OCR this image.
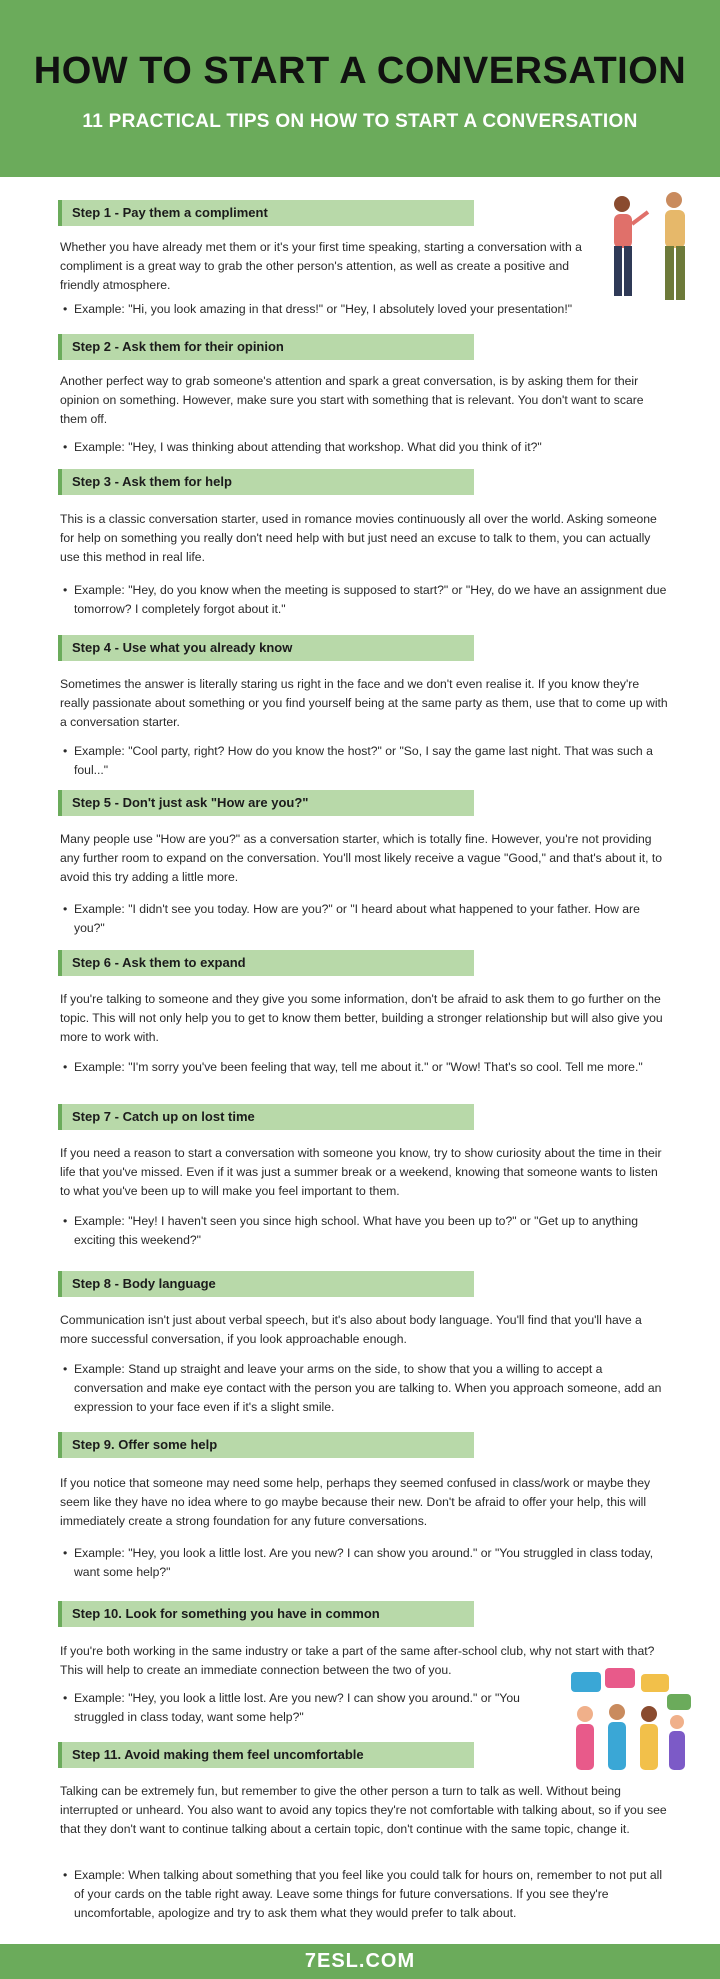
HOW TO START A CONVERSATION
11 PRACTICAL TIPS ON HOW TO START A CONVERSATION
Step 1 - Pay them a compliment

Whether you have already met them or it's your first time speaking, starting a conversation with a compliment is a great way to grab the other person's attention, as well as create a positive and friendly atmosphere.

• Example: "Hi, you look amazing in that dress!" or "Hey, I absolutely loved your presentation!"
Step 2 - Ask them for their opinion

Another perfect way to grab someone's attention and spark a great conversation, is by asking them for their opinion on something. However, make sure you start with something that is relevant. You don't want to scare them off.

• Example: "Hey, I was thinking about attending that workshop. What did you think of it?"
Step 3 - Ask them for help

This is a classic conversation starter, used in romance movies continuously all over the world. Asking someone for help on something you really don't need help with but just need an excuse to talk to them, you can actually use this method in real life.

• Example: "Hey, do you know when the meeting is supposed to start?" or "Hey, do we have an assignment due tomorrow? I completely forgot about it."
Step 4 - Use what you already know

Sometimes the answer is literally staring us right in the face and we don't even realise it. If you know they're really passionate about something or you find yourself being at the same party as them, use that to come up with a conversation starter.

• Example: "Cool party, right? How do you know the host?" or "So, I say the game last night. That was such a foul..."
Step 5 - Don't just ask "How are you?"

Many people use "How are you?" as a conversation starter, which is totally fine. However, you're not providing any further room to expand on the conversation. You'll most likely receive a vague "Good," and that's about it, to avoid this try adding a little more.

• Example: "I didn't see you today. How are you?" or "I heard about what happened to your father. How are you?"
Step 6 - Ask them to expand

If you're talking to someone and they give you some information, don't be afraid to ask them to go further on the topic. This will not only help you to get to know them better, building a stronger relationship but will also give you more to work with.

• Example: "I'm sorry you've been feeling that way, tell me about it." or "Wow! That's so cool. Tell me more."
Step 7 - Catch up on lost time

If you need a reason to start a conversation with someone you know, try to show curiosity about the time in their life that you've missed. Even if it was just a summer break or a weekend, knowing that someone wants to listen to what you've been up to will make you feel important to them.

• Example: "Hey! I haven't seen you since high school. What have you been up to?" or "Get up to anything exciting this weekend?"
Step 8 - Body language

Communication isn't just about verbal speech, but it's also about body language. You'll find that you'll have a more successful conversation, if you look approachable enough.

• Example: Stand up straight and leave your arms on the side, to show that you a willing to accept a conversation and make eye contact with the person you are talking to. When you approach someone, add an expression to your face even if it's a slight smile.
Step 9. Offer some help

If you notice that someone may need some help, perhaps they seemed confused in class/work or maybe they seem like they have no idea where to go maybe because their new. Don't be afraid to offer your help, this will immediately create a strong foundation for any future conversations.

• Example: "Hey, you look a little lost. Are you new? I can show you around." or "You struggled in class today, want some help?"
Step 10. Look for something you have in common

If you're both working in the same industry or take a part of the same after-school club, why not start with that? This will help to create an immediate connection between the two of you.

• Example: "Hey, you look a little lost. Are you new? I can show you around." or "You struggled in class today, want some help?"
Step 11. Avoid making them feel uncomfortable

Talking can be extremely fun, but remember to give the other person a turn to talk as well. Without being interrupted or unheard. You also want to avoid any topics they're not comfortable with talking about, so if you see that they don't want to continue talking about a certain topic, don't continue with the same topic, change it.

• Example: When talking about something that you feel like you could talk for hours on, remember to not put all of your cards on the table right away. Leave some things for future conversations. If you see they're uncomfortable, apologize and try to ask them what they would prefer to talk about.
7ESL.COM
